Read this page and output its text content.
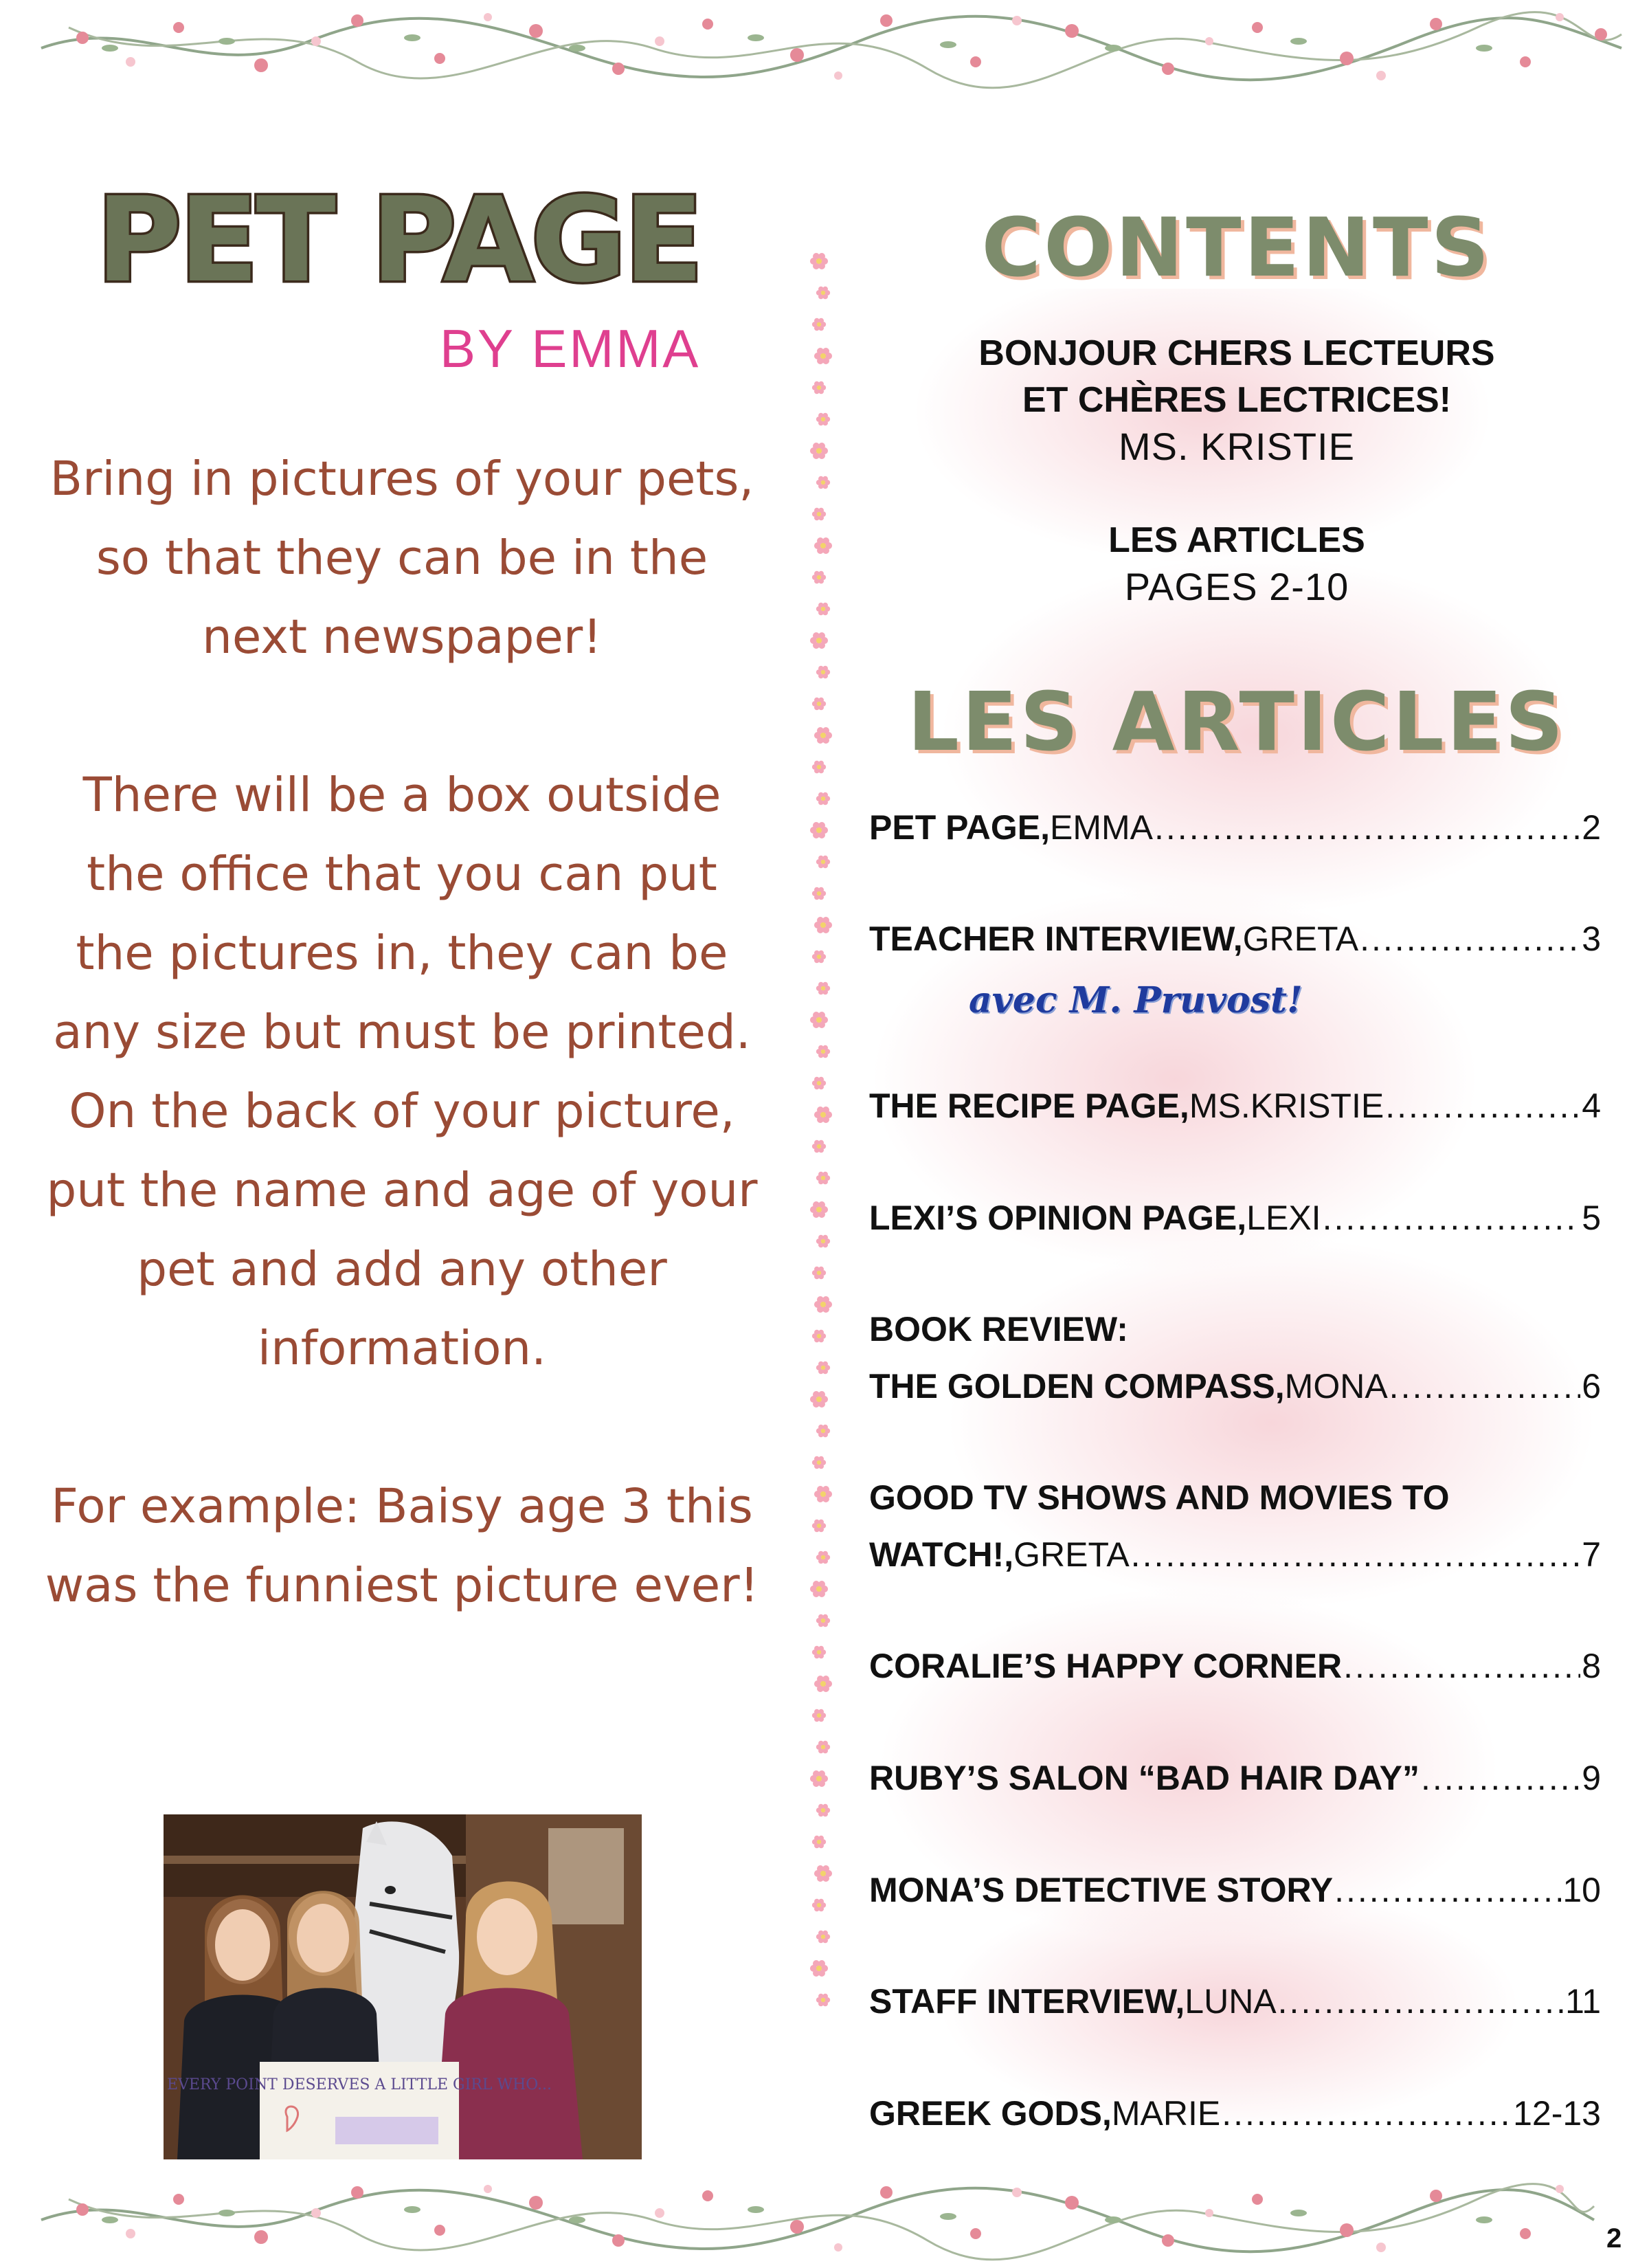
PET PAGE
BY EMMA
Bring in pictures of your pets, so that they can be in the next newspaper!
There will be a box outside the office that you can put the pictures in, they can be any size but must be printed. On the back of your picture, put the name and age of your pet and add any other information.
For example: Baisy age 3 this was the funniest picture ever!
EVERY POINT DESERVES A LITTLE GIRL WHO...
CONTENTS
BONJOUR CHERS LECTEURS
ET CHÈRES LECTRICES!
MS. KRISTIE
LES ARTICLES
PAGES 2-10
LES ARTICLES
PET PAGE, EMMA .....	2
TEACHER INTERVIEW, GRETA .....	3
avec M. Pruvost!
THE RECIPE PAGE, MS.KRISTIE .....	4
LEXI’S OPINION PAGE, LEXI .....	5
BOOK REVIEW:
THE GOLDEN COMPASS, MONA .....	6
GOOD TV SHOWS AND MOVIES TO
WATCH!, GRETA .....	7
CORALIE’S HAPPY CORNER .....	8
RUBY’S SALON “BAD HAIR DAY” .....	9
MONA’S DETECTIVE STORY .....	10
STAFF INTERVIEW, LUNA .....	11
GREEK GODS, MARIE .....	12-13
2
